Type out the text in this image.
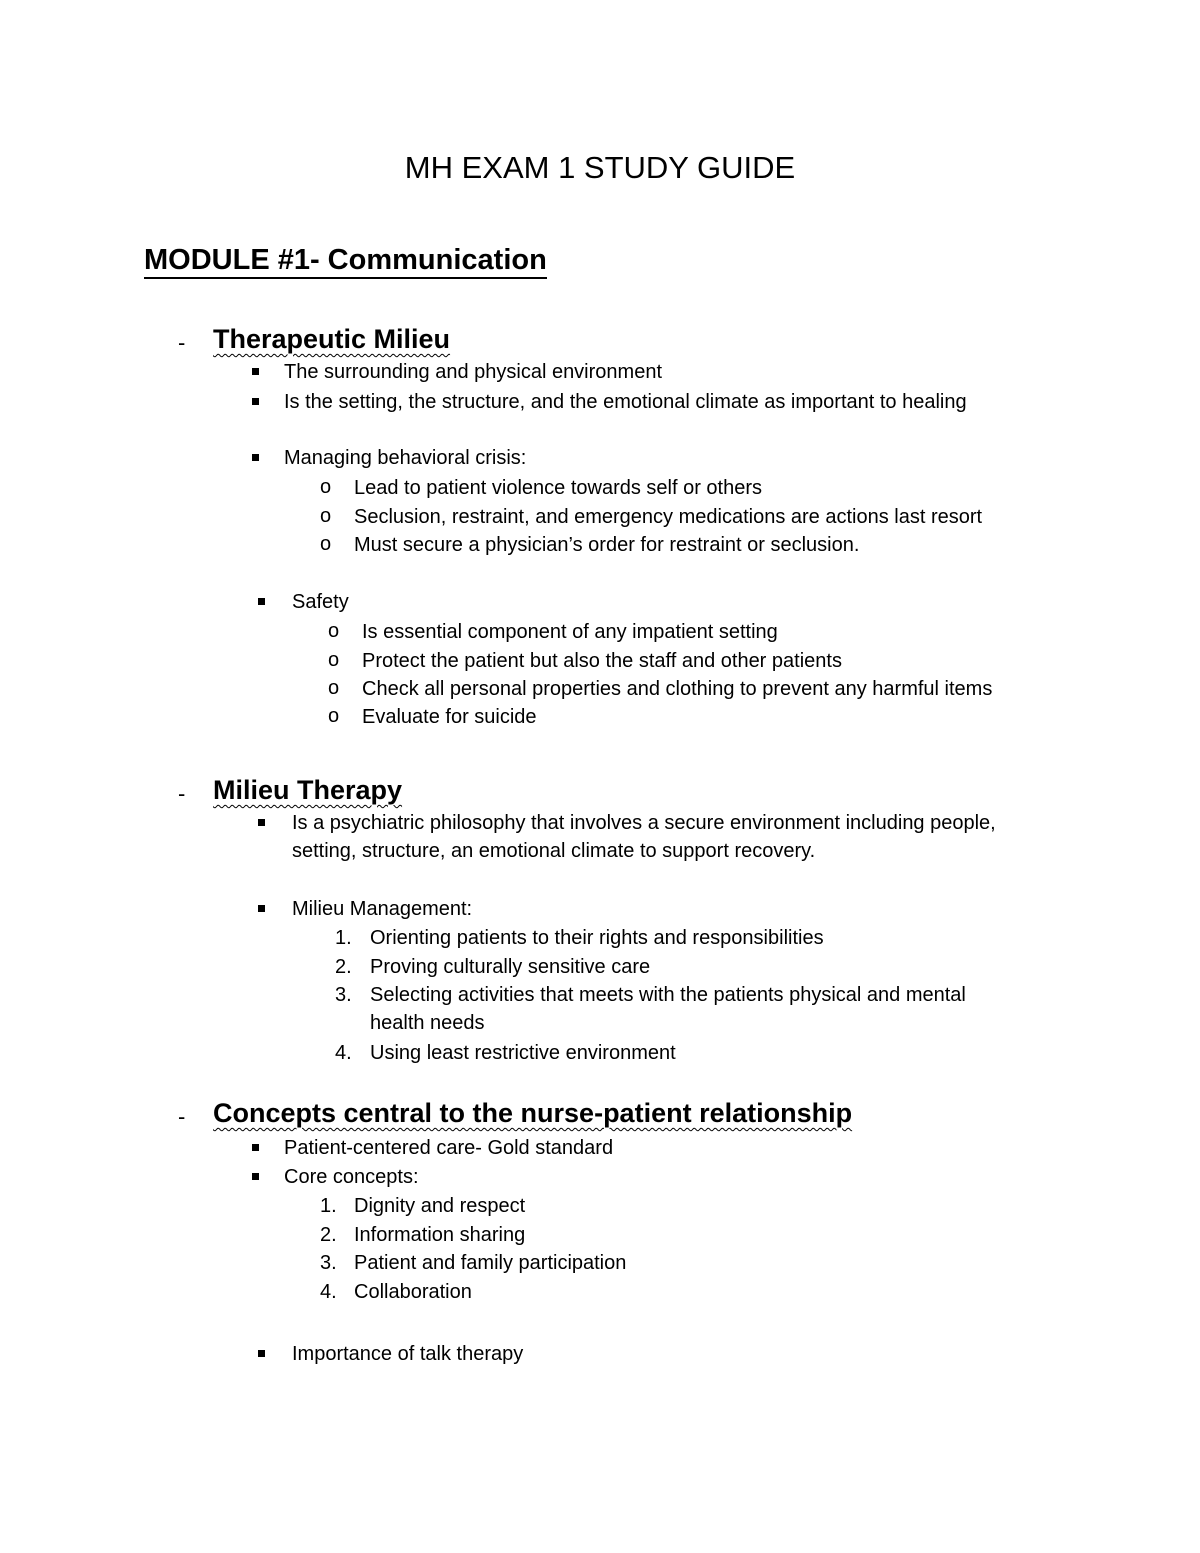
MH EXAM 1 STUDY GUIDE
MODULE #1- Communication
- Therapeutic Milieu
The surrounding and physical environment
Is the setting, the structure, and the emotional climate as important to healing
Managing behavioral crisis:
o Lead to patient violence towards self or others
o Seclusion, restraint, and emergency medications are actions last resort
o Must secure a physician’s order for restraint or seclusion.
Safety
o Is essential component of any impatient setting
o Protect the patient but also the staff and other patients
o Check all personal properties and clothing to prevent any harmful items
o Evaluate for suicide
- Milieu Therapy
Is a psychiatric philosophy that involves a secure environment including people,
setting, structure, an emotional climate to support recovery.
Milieu Management:
1. Orienting patients to their rights and responsibilities
2. Proving culturally sensitive care
3. Selecting activities that meets with the patients physical and mental
health needs
4. Using least restrictive environment
- Concepts central to the nurse-patient relationship
Patient-centered care- Gold standard
Core concepts:
1. Dignity and respect
2. Information sharing
3. Patient and family participation
4. Collaboration
Importance of talk therapy
